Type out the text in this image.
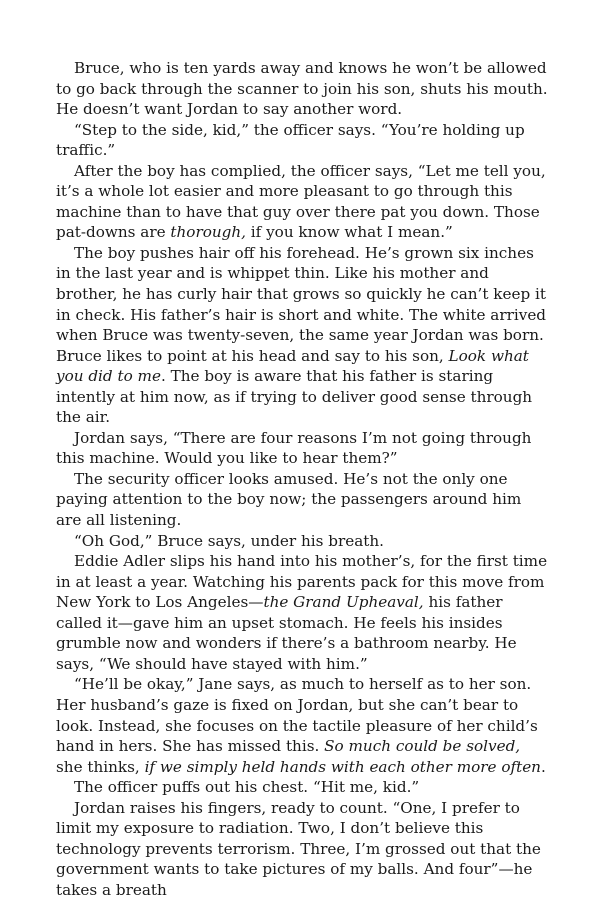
Bruce, who is ten yards away and knows he won’t be allowed to go back through the scanner to join his son, shuts his mouth. He doesn’t want Jordan to say another word.

“Step to the side, kid,” the officer says. “You’re holding up traffic.”

After the boy has complied, the officer says, “Let me tell you, it’s a whole lot easier and more pleasant to go through this machine than to have that guy over there pat you down. Those pat-downs are thorough, if you know what I mean.”

The boy pushes hair off his forehead. He’s grown six inches in the last year and is whippet thin. Like his mother and brother, he has curly hair that grows so quickly he can’t keep it in check. His father’s hair is short and white. The white arrived when Bruce was twenty-seven, the same year Jordan was born. Bruce likes to point at his head and say to his son, Look what you did to me. The boy is aware that his father is staring intently at him now, as if trying to deliver good sense through the air.

Jordan says, “There are four reasons I’m not going through this machine. Would you like to hear them?”

The security officer looks amused. He’s not the only one paying attention to the boy now; the passengers around him are all listening.

“Oh God,” Bruce says, under his breath.

Eddie Adler slips his hand into his mother’s, for the first time in at least a year. Watching his parents pack for this move from New York to Los Angeles—the Grand Upheaval, his father called it—gave him an upset stomach. He feels his insides grumble now and wonders if there’s a bathroom nearby. He says, “We should have stayed with him.”

“He’ll be okay,” Jane says, as much to herself as to her son. Her husband’s gaze is fixed on Jordan, but she can’t bear to look. Instead, she focuses on the tactile pleasure of her child’s hand in hers. She has missed this. So much could be solved, she thinks, if we simply held hands with each other more often.

The officer puffs out his chest. “Hit me, kid.”

Jordan raises his fingers, ready to count. “One, I prefer to limit my exposure to radiation. Two, I don’t believe this technology prevents terrorism. Three, I’m grossed out that the government wants to take pictures of my balls. And four”—he takes a breath
